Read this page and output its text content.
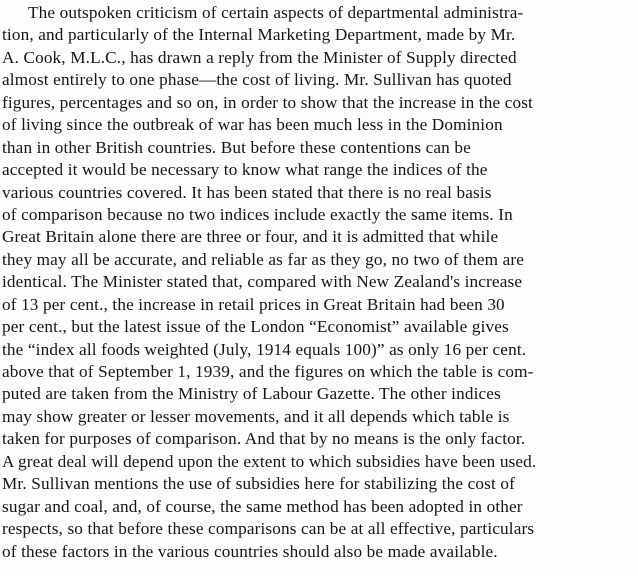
The outspoken criticism of certain aspects of departmental administra-
tion, and particularly of the Internal Marketing Department, made by Mr.
A. Cook, M.L.C., has drawn a reply from the Minister of Supply directed
almost entirely to one phase—the cost of living. Mr. Sullivan has quoted
figures, percentages and so on, in order to show that the increase in the cost
of living since the outbreak of war has been much less in the Dominion
than in other British countries. But before these contentions can be
accepted it would be necessary to know what range the indices of the
various countries covered. It has been stated that there is no real basis
of comparison because no two indices include exactly the same items. In
Great Britain alone there are three or four, and it is admitted that while
they may all be accurate, and reliable as far as they go, no two of them are
identical. The Minister stated that, compared with New Zealand's increase
of 13 per cent., the increase in retail prices in Great Britain had been 30
per cent., but the latest issue of the London “Economist” available gives
the “index all foods weighted (July, 1914 equals 100)” as only 16 per cent.
above that of September 1, 1939, and the figures on which the table is com-
puted are taken from the Ministry of Labour Gazette. The other indices
may show greater or lesser movements, and it all depends which table is
taken for purposes of comparison. And that by no means is the only factor.
A great deal will depend upon the extent to which subsidies have been used.
Mr. Sullivan mentions the use of subsidies here for stabilizing the cost of
sugar and coal, and, of course, the same method has been adopted in other
respects, so that before these comparisons can be at all effective, particulars
of these factors in the various countries should also be made available.
